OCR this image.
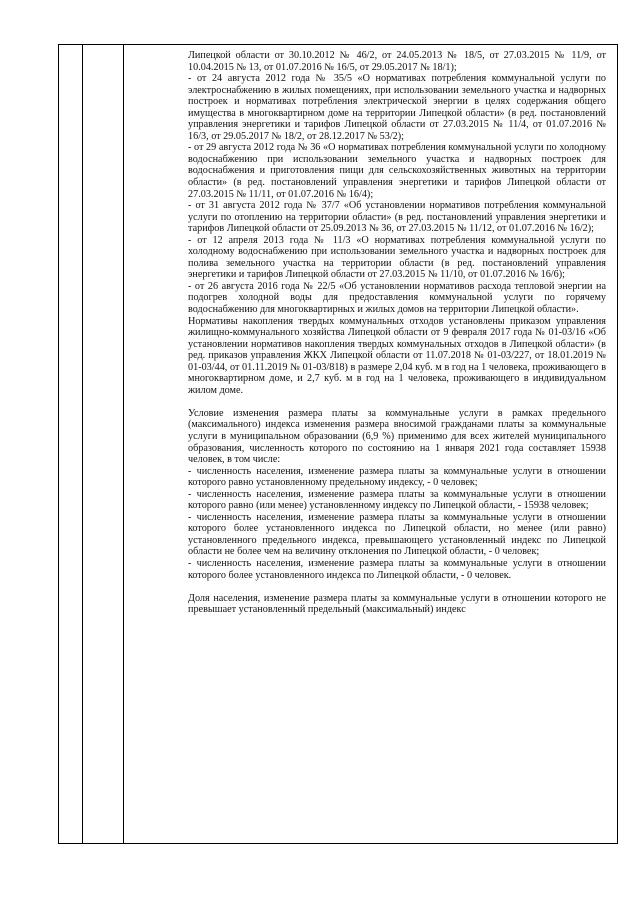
Липецкой области от 30.10.2012 № 46/2, от 24.05.2013 № 18/5, от 27.03.2015 № 11/9, от 10.04.2015 № 13, от 01.07.2016 № 16/5, от 29.05.2017 № 18/1);

- от 24 августа 2012 года № 35/5 «О нормативах потребления коммунальной услуги по электроснабжению в жилых помещениях, при использовании земельного участка и надворных построек и нормативах потребления электрической энергии в целях содержания общего имущества в многоквартирном доме на территории Липецкой области» (в ред. постановлений управления энергетики и тарифов Липецкой области от 27.03.2015 № 11/4, от 01.07.2016 № 16/3, от 29.05.2017 № 18/2, от 28.12.2017 № 53/2);

- от 29 августа 2012 года № 36 «О нормативах потребления коммунальной услуги по холодному водоснабжению при использовании земельного участка и надворных построек для водоснабжения и приготовления пищи для сельскохозяйственных животных на территории области» (в ред. постановлений управления энергетики и тарифов Липецкой области от 27.03.2015 № 11/11, от 01.07.2016 № 16/4);

- от 31 августа 2012 года № 37/7 «Об установлении нормативов потребления коммунальной услуги по отоплению на территории области» (в ред. постановлений управления энергетики и тарифов Липецкой области от 25.09.2013 № 36, от 27.03.2015 № 11/12, от 01.07.2016 № 16/2);

- от 12 апреля 2013 года № 11/3 «О нормативах потребления коммунальной услуги по холодному водоснабжению при использовании земельного участка и надворных построек для полива земельного участка на территории области (в ред. постановлений управления энергетики и тарифов Липецкой области от 27.03.2015 № 11/10, от 01.07.2016 № 16/6);

- от 26 августа 2016 года № 22/5 «Об установлении нормативов расхода тепловой энергии на подогрев холодной воды для предоставления коммунальной услуги по горячему водоснабжению для многоквартирных и жилых домов на территории Липецкой области».

Нормативы накопления твердых коммунальных отходов установлены приказом управления жилищно-коммунального хозяйства Липецкой области от 9 февраля 2017 года № 01-03/16 «Об установлении нормативов накопления твердых коммунальных отходов в Липецкой области» (в ред. приказов управления ЖКХ Липецкой области от 11.07.2018 № 01-03/227, от 18.01.2019 № 01-03/44, от 01.11.2019 № 01-03/818) в размере 2,04 куб. м в год на 1 человека, проживающего в многоквартирном доме, и 2,7 куб. м в год на 1 человека, проживающего в индивидуальном жилом доме.

Условие изменения размера платы за коммунальные услуги в рамках предельного (максимального) индекса изменения размера вносимой гражданами платы за коммунальные услуги в муниципальном образовании (6,9 %) применимо для всех жителей муниципального образования, численность которого по состоянию на 1 января 2021 года составляет 15938 человек, в том числе:

- численность населения, изменение размера платы за коммунальные услуги в отношении которого равно установленному предельному индексу, - 0 человек;

- численность населения, изменение размера платы за коммунальные услуги в отношении которого равно (или менее) установленному индексу по Липецкой области, - 15938 человек;

- численность населения, изменение размера платы за коммунальные услуги в отношении которого более установленного индекса по Липецкой области, но менее (или равно) установленного предельного индекса, превышающего установленный индекс по Липецкой области не более чем на величину отклонения по Липецкой области, - 0 человек;

- численность населения, изменение размера платы за коммунальные услуги в отношении которого более установленного индекса по Липецкой области, - 0 человек.

Доля населения, изменение размера платы за коммунальные услуги в отношении которого не превышает установленный предельный (максимальный) индекс
